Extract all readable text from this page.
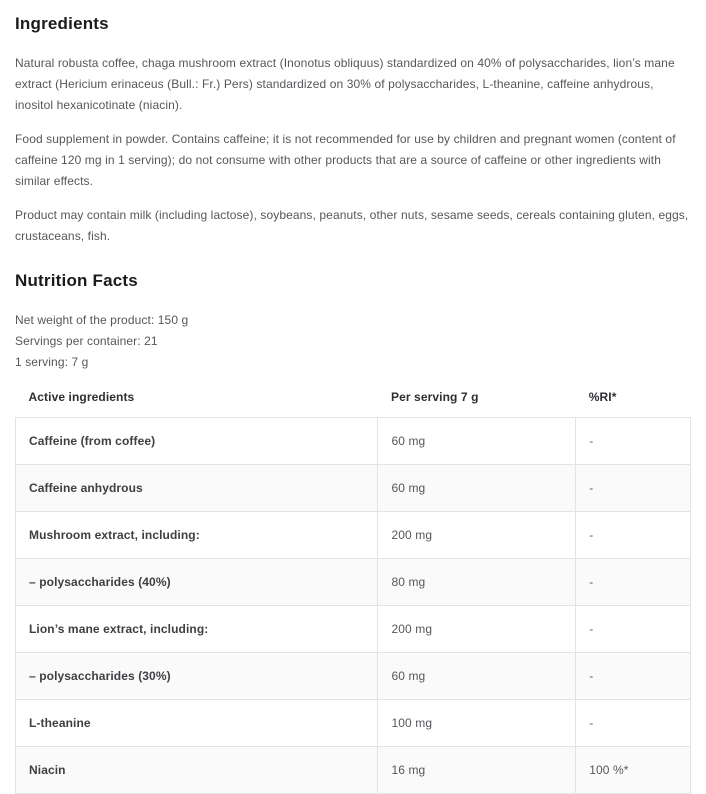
Ingredients

Natural robusta coffee, chaga mushroom extract (Inonotus obliquus) standardized on 40% of polysaccharides, lion’s mane extract (Hericium erinaceus (Bull.: Fr.) Pers) standardized on 30% of polysaccharides, L-theanine, caffeine anhydrous, inositol hexanicotinate (niacin).

Food supplement in powder. Contains caffeine; it is not recommended for use by children and pregnant women (content of caffeine 120 mg in 1 serving); do not consume with other products that are a source of caffeine or other ingredients with similar effects.

Product may contain milk (including lactose), soybeans, peanuts, other nuts, sesame seeds, cereals containing gluten, eggs, crustaceans, fish.

Nutrition Facts
Net weight of the product: 150 g
Servings per container: 21
1 serving: 7 g
Active ingredients	Per serving 7 g	%RI*
Caffeine (from coffee)	60 mg	-
Caffeine anhydrous	60 mg	-
Mushroom extract, including:	200 mg	-
– polysaccharides (40%)	80 mg	-
Lion’s mane extract, including:	200 mg	-
– polysaccharides (30%)	60 mg	-
L-theanine	100 mg	-
Niacin	16 mg	100 %*
